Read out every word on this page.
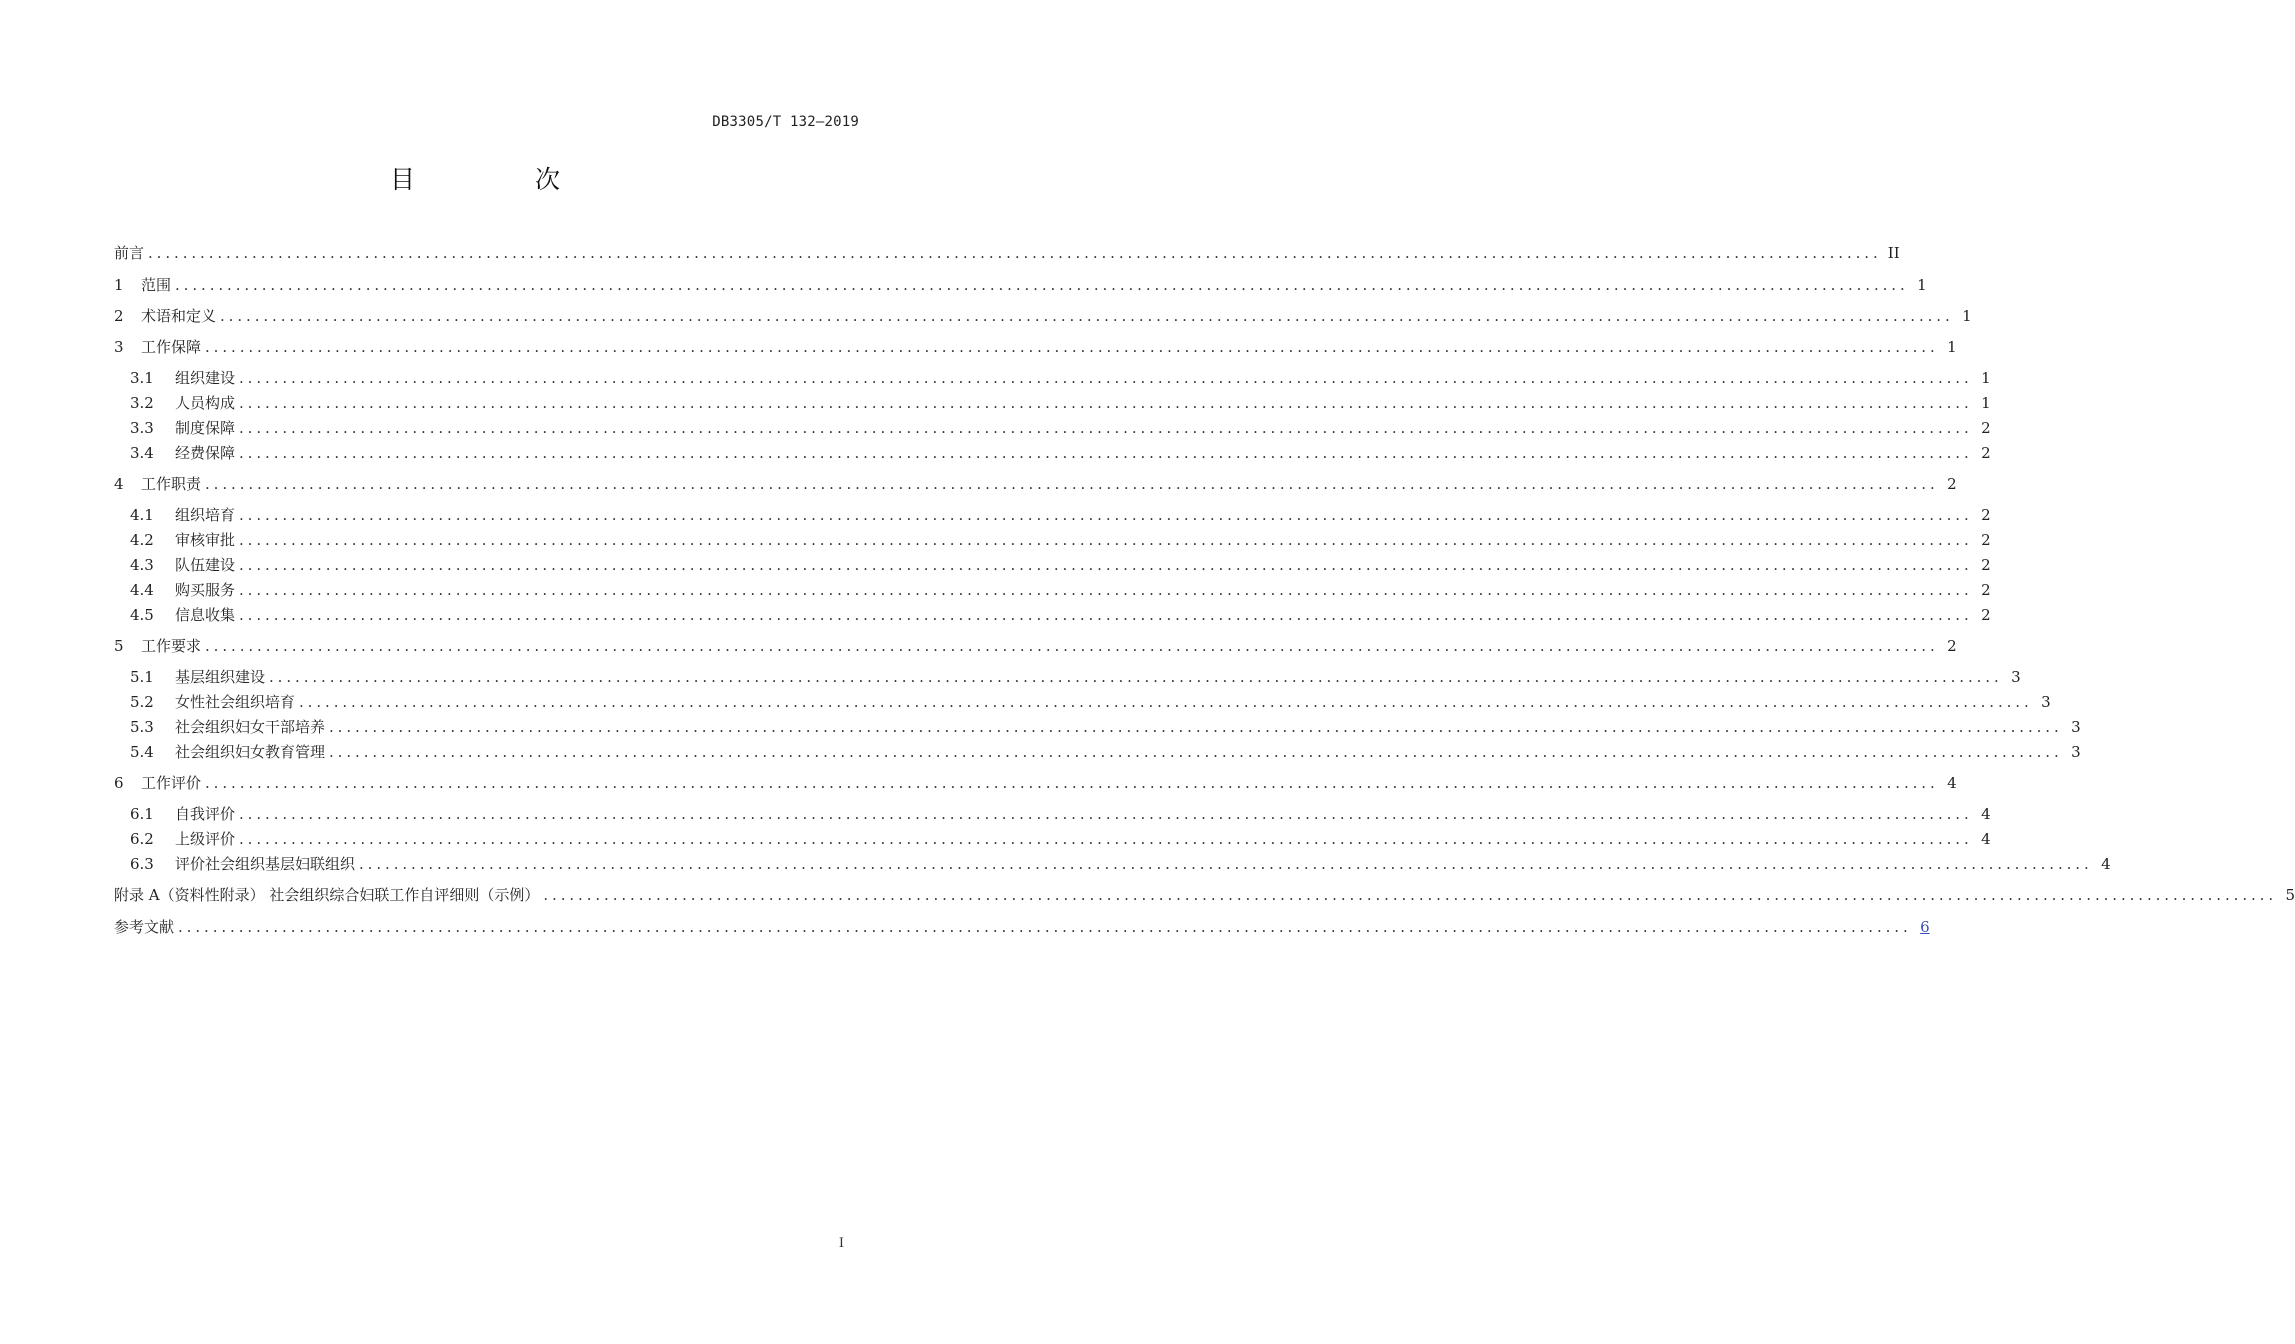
DB3305/T 132—2019
目 次
前言 ........................................................................................................................................................................................................ II
1	范围 ........................................................................................................................................................................................................ 1
2	术语和定义 ........................................................................................................................................................................................................ 1
3	工作保障 ........................................................................................................................................................................................................ 1
3.1	组织建设 ........................................................................................................................................................................................................ 1
3.2	人员构成 ........................................................................................................................................................................................................ 1
3.3	制度保障 ........................................................................................................................................................................................................ 2
3.4	经费保障 ........................................................................................................................................................................................................ 2
4	工作职责 ........................................................................................................................................................................................................ 2
4.1	组织培育 ........................................................................................................................................................................................................ 2
4.2	审核审批 ........................................................................................................................................................................................................ 2
4.3	队伍建设 ........................................................................................................................................................................................................ 2
4.4	购买服务 ........................................................................................................................................................................................................ 2
4.5	信息收集 ........................................................................................................................................................................................................ 2
5	工作要求 ........................................................................................................................................................................................................ 2
5.1	基层组织建设 ........................................................................................................................................................................................................ 3
5.2	女性社会组织培育 ........................................................................................................................................................................................................ 3
5.3	社会组织妇女干部培养 ........................................................................................................................................................................................................ 3
5.4	社会组织妇女教育管理 ........................................................................................................................................................................................................ 3
6	工作评价 ........................................................................................................................................................................................................ 4
6.1	自我评价 ........................................................................................................................................................................................................ 4
6.2	上级评价 ........................................................................................................................................................................................................ 4
6.3	评价社会组织基层妇联组织 ........................................................................................................................................................................................................ 4
附录 A（资料性附录） 社会组织综合妇联工作自评细则（示例） ........................................................................................................................................................................................................ 5
参考文献 ........................................................................................................................................................................................................ 6
I
